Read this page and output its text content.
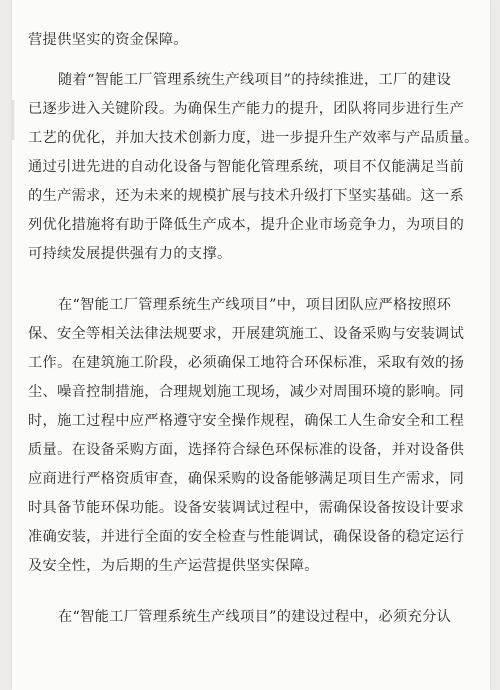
营提供坚实的资金保障。
随着“智能工厂管理系统生产线项目”的持续推进，工厂的建设
已逐步进入关键阶段。为确保生产能力的提升，团队将同步进行生产
工艺的优化，并加大技术创新力度，进一步提升生产效率与产品质量。
通过引进先进的自动化设备与智能化管理系统，项目不仅能满足当前
的生产需求，还为未来的规模扩展与技术升级打下坚实基础。这一系
列优化措施将有助于降低生产成本，提升企业市场竞争力，为项目的
可持续发展提供强有力的支撑。
在“智能工厂管理系统生产线项目”中，项目团队应严格按照环
保、安全等相关法律法规要求，开展建筑施工、设备采购与安装调试
工作。在建筑施工阶段，必须确保工地符合环保标准，采取有效的扬
尘、噪音控制措施，合理规划施工现场，减少对周围环境的影响。同
时，施工过程中应严格遵守安全操作规程，确保工人生命安全和工程
质量。在设备采购方面，选择符合绿色环保标准的设备，并对设备供
应商进行严格资质审查，确保采购的设备能够满足项目生产需求，同
时具备节能环保功能。设备安装调试过程中，需确保设备按设计要求
准确安装，并进行全面的安全检查与性能调试，确保设备的稳定运行
及安全性，为后期的生产运营提供坚实保障。
在“智能工厂管理系统生产线项目”的建设过程中，必须充分认
